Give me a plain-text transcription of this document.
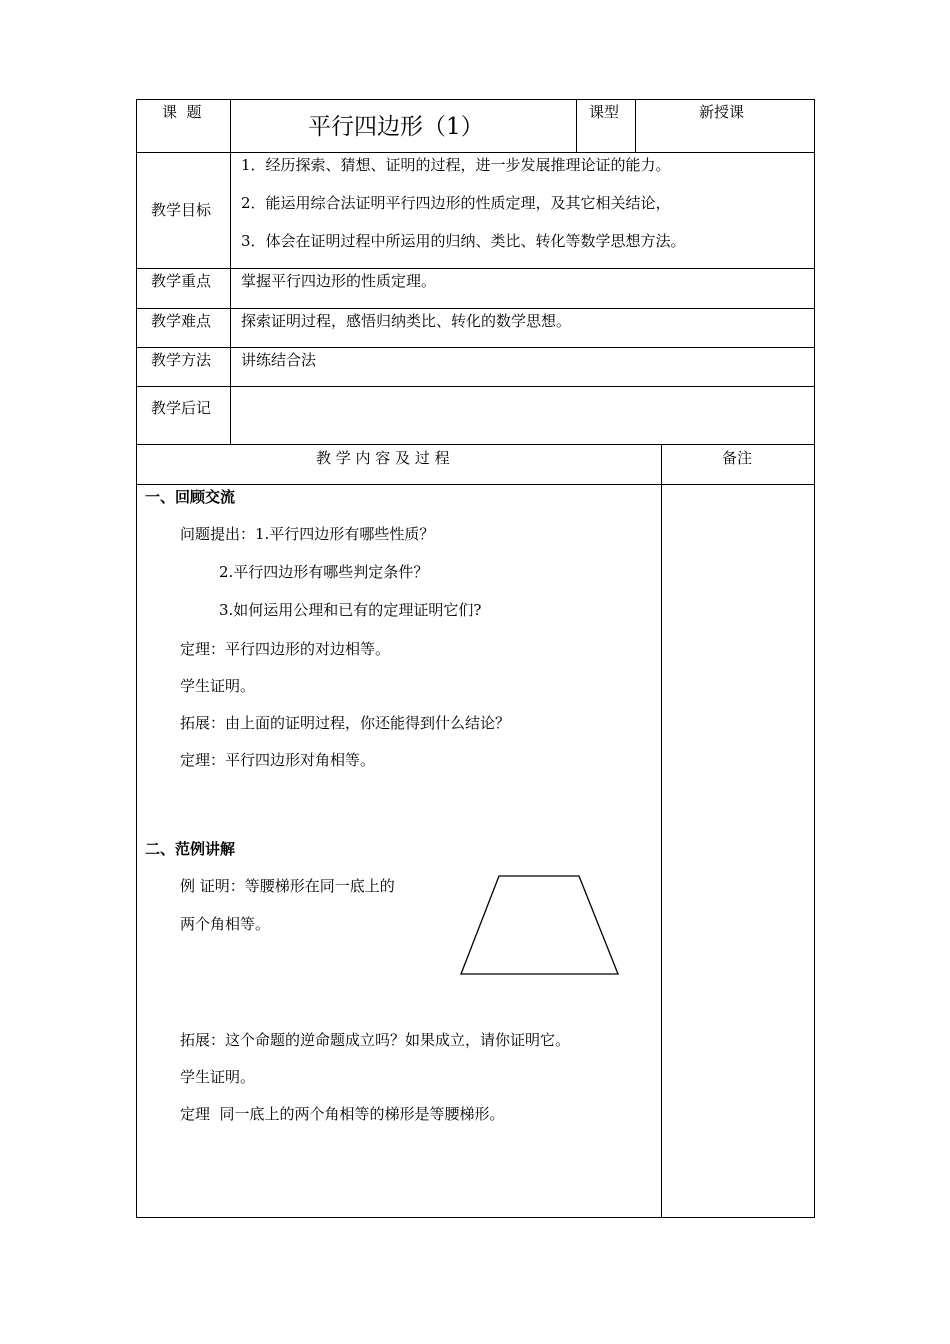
课  题
平行四边形（1）
课型	新授课
教学目标
1．经历探索、猜想、证明的过程，进一步发展推理论证的能力。
2．能运用综合法证明平行四边形的性质定理，及其它相关结论，
3．体会在证明过程中所运用的归纳、类比、转化等数学思想方法。
教学重点 掌握平行四边形的性质定理。
教学难点 探索证明过程，感悟归纳类比、转化的数学思想。
教学方法 讲练结合法
教学后记
教 学 内 容 及 过 程	备注
一、回顾交流
问题提出：1.平行四边形有哪些性质？
2.平行四边形有哪些判定条件？
3.如何运用公理和已有的定理证明它们?
定理：平行四边形的对边相等。
学生证明。
拓展：由上面的证明过程，你还能得到什么结论？
定理：平行四边形对角相等。
二、范例讲解
例 证明：等腰梯形在同一底上的
两个角相等。
拓展：这个命题的逆命题成立吗？如果成立，请你证明它。
学生证明。
定理  同一底上的两个角相等的梯形是等腰梯形。
